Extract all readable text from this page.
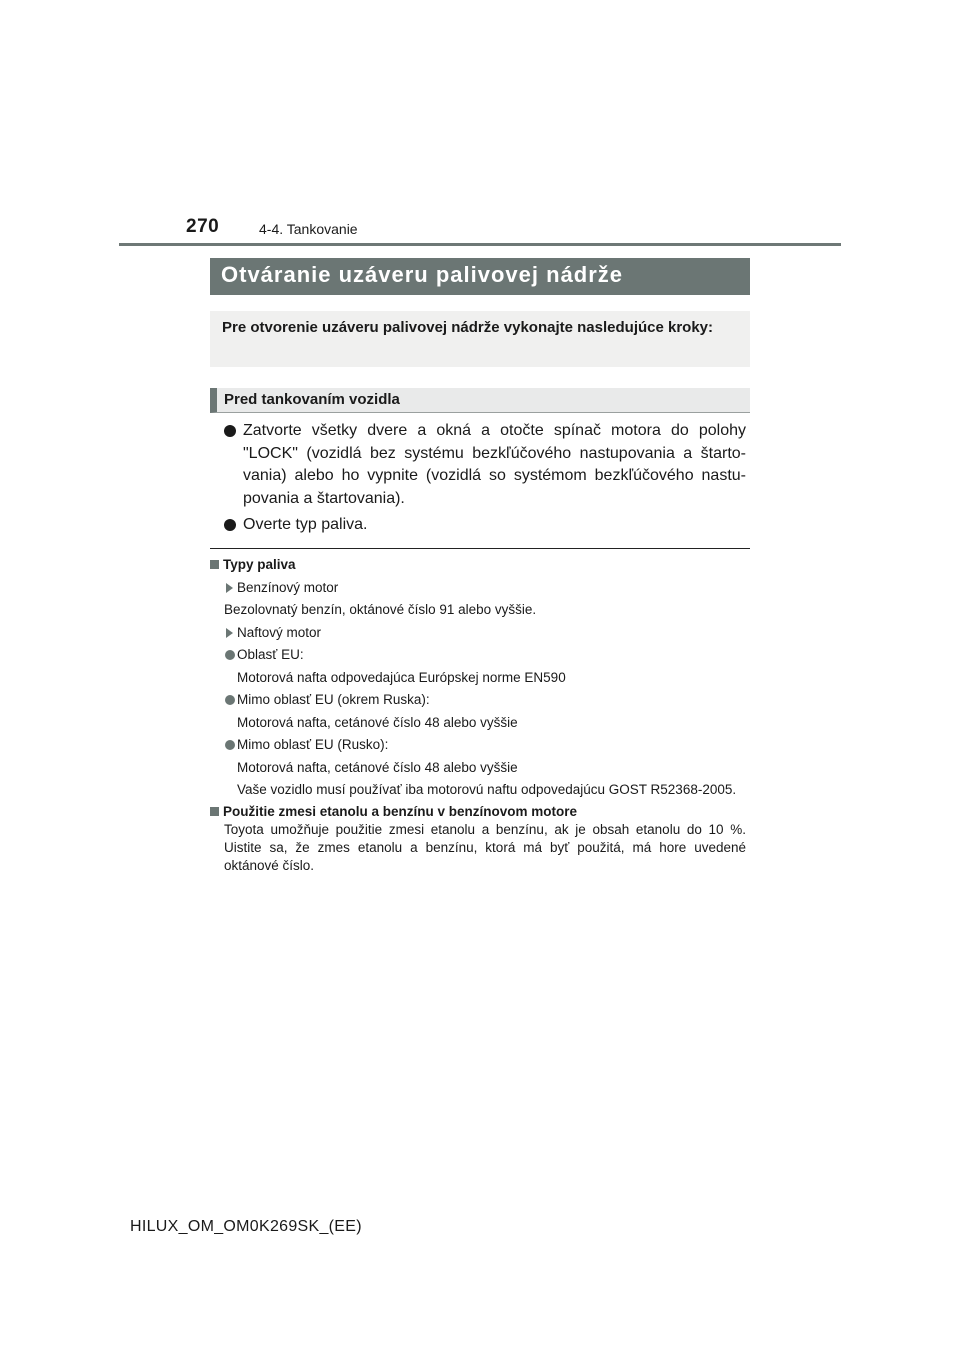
270	4-4. Tankovanie
Otváranie uzáveru palivovej nádrže
Pre otvorenie uzáveru palivovej nádrže vykonajte nasledujúce kroky:
Pred tankovaním vozidla
Zatvorte všetky dvere a okná a otočte spínač motora do polohy "LOCK" (vozidlá bez systému bezkľúčového nastupovania a štarto-vania) alebo ho vypnite (vozidlá so systémom bezkľúčového nastu-povania a štartovania).
Overte typ paliva.
Typy paliva
Benzínový motor
Bezolovnatý benzín, oktánové číslo 91 alebo vyššie.
Naftový motor
Oblasť EU:
Motorová nafta odpovedajúca Európskej norme EN590
Mimo oblasť EU (okrem Ruska):
Motorová nafta, cetánové číslo 48 alebo vyššie
Mimo oblasť EU (Rusko):
Motorová nafta, cetánové číslo 48 alebo vyššie
Vaše vozidlo musí používať iba motorovú naftu odpovedajúcu GOST R52368-2005.
Použitie zmesi etanolu a benzínu v benzínovom motore
Toyota umožňuje použitie zmesi etanolu a benzínu, ak je obsah etanolu do 10 %. Uistite sa, že zmes etanolu a benzínu, ktorá má byť použitá, má hore uvedené oktánové číslo.
HILUX_OM_OM0K269SK_(EE)
